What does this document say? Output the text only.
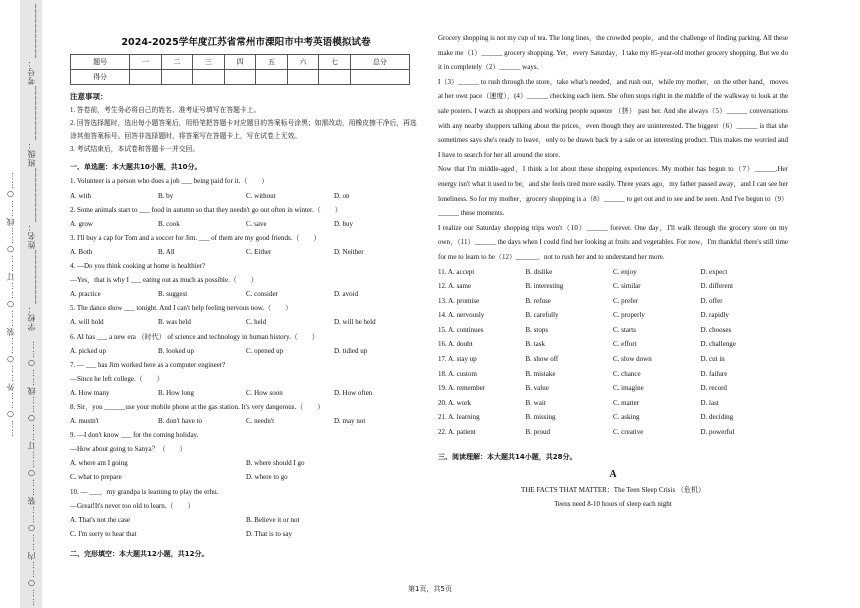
……○……外……○……装……○……订……○……线……○…… ……○……内……○……装……○……订……○……线……○……　学校：___________姓名：___________班级：___________考号：___________	2024-2025学年度江苏省常州市溧阳市中考英语模拟试卷
题号	一	二	三	四	五	六	七	总分
得分								
注意事项：
1. 答卷前，考生务必将自己的姓名、准考证号填写在答题卡上。
2. 回答选择题时，选出每小题答案后，用铅笔把答题卡对应题目的答案标号涂黑；如需改动，用橡皮擦干净后，再选涂其他答案标号。回答非选择题时，将答案写在答题卡上，写在试卷上无效。
3. 考试结束后，本试卷和答题卡一并交回。
一、单选题：本大题共10小题，共10分。
1. Volunteer is a person who does a job ___ being paid for it.（　　）
A. with	B. by	C. without	D. on
2. Some animals start to ___ food in autumn so that they needn't go out often in winter.（　　）
A. grow	B. cook	C. save	D. buy
3. I'll buy a cap for Tom and a soccer for Jim. ___ of them are my good friends.（　　）
A. Both	B. All	C. Either	D. Neither
4. —Do you think cooking at home is healthier?
—Yes，that is why I ___ eating out as much as possible.（　　）
A. practice	B. suggest	C. consider	D. avoid
5. The dance show ___ tonight. And I can't help feeling nervous now.（　　）
A. will hold	B. was held	C. held	D. will be held
6. AI has ___ a new era （时代） of science and technology in human history.（　　）
A. picked up	B. looked up	C. opened up	D. tidied up
7. — ___ has Jim worked here as a computer engineer?
—Since he left college.（　　）
A. How many	B. How long	C. How soon	D. How often
8. Sir，you ______use your mobile phone at the gas station. It's very dangerous.（　　）
A. mustn't	B. don't have to	C. needn't	D. may not
9. —I don't know ___ for the coming holiday.
—How about going to Sanya？（　　）
A. where am I going	B. where should I go
C. what to prepare	D. where to go
10. — ___，my grandpa is learning to play the erhu.
—Great!It's never too old to learn.（　　）
A. That's not the case	B. Believe it or not
C. I'm sorry to hear that	D. That is to say
二、完形填空：本大题共12小题，共12分。
Grocery shopping is not my cup of tea. The long lines，the crowded people，and the challenge of finding parking. All these make me（1）______ grocery shopping. Yet，every Saturday，I take my 85-year-old mother grocery shopping. But we do it in completely（2）______ ways.
I（3）______ to rush through the store，take what's needed，and rush out，while my mother，on the other hand，moves at her own pace（速度），(4）______ checking each item. She often stops right in the middle of the walkway to look at the sale posters. I watch as shoppers and working people squeeze （挤） past her. And she always（5）______ conversations with any nearby shoppers talking about the prices，even though they are uninterested. The biggest（6）______ is that she sometimes says she's ready to leave，only to be drawn back by a sale or an interesting product. This makes me worried and I have to search for her all around the store.
Now that I'm middle-aged，I think a lot about these shopping experiences. My mother has begun to（7）______.Her energy isn't what it used to be，and she feels tired more easily. Three years ago，my father passed away，and I can see her loneliness. So for my mother，grocery shopping is a（8）______ to get out and to see and be seen. And I've begun to（9）______ these moments.
I realize our Saturday shopping trips won't（10）______ forever. One day，I'll walk through the grocery store on my own，（11）______ the days when I could find her looking at fruits and vegetables. For now，I'm thankful there's still time for me to learn to be（12）______，not to rush her and to understand her more.
11. A. accept	B. dislike	C. enjoy	D. expect
12. A. same	B. interesting	C. similar	D. different
13. A. promise	B. refuse	C. prefer	D. offer
14. A. nervously	B. carefully	C. properly	D. rapidly
15. A. continues	B. stops	C. starts	D. chooses
16. A. doubt	B. task	C. effort	D. challenge
17. A. stay up	B. show off	C. slow down	D. cut in
18. A. custom	B. mistake	C. chance	D. failure
19. A. remember	B. value	C. imagine	D. record
20. A. work	B. wait	C. matter	D. last
21. A. learning	B. missing	C. asking	D. deciding
22. A. patient	B. proud	C. creative	D. powerful
三、阅读理解：本大题共14小题，共28分。
A
THE FACTS THAT MATTER：The Teen Sleep Crisis （危机）
Teens need 8-10 hours of sleep each night
第1页，共5页
